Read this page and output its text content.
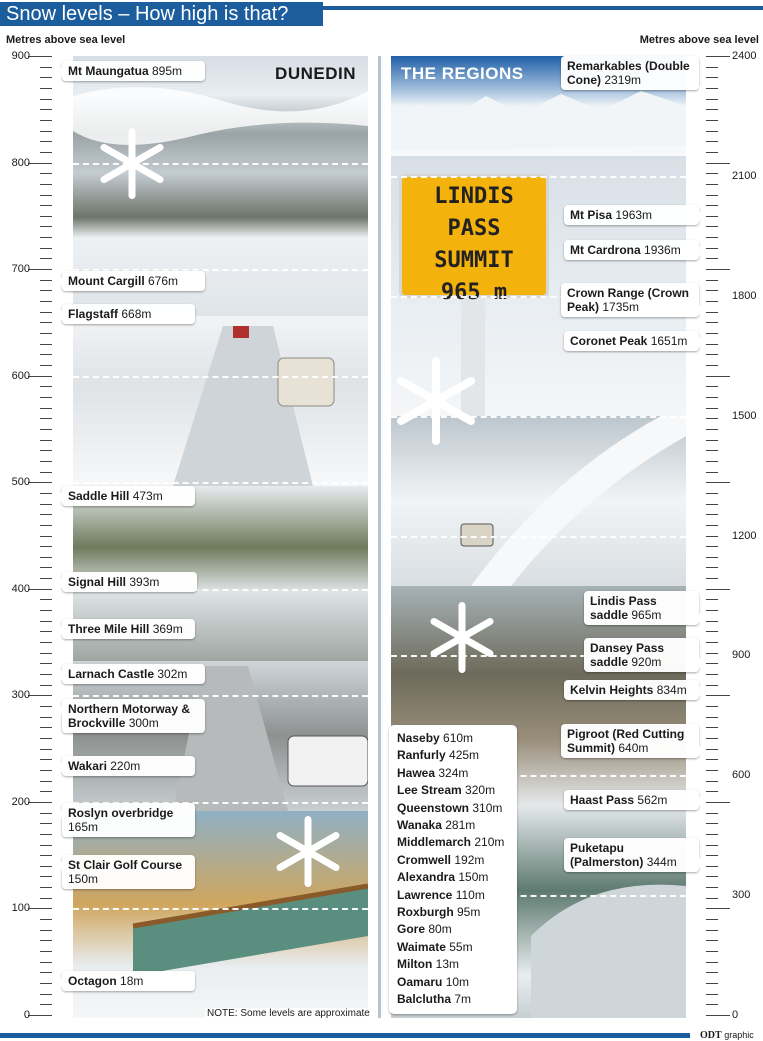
Snow levels – How high is that?
Metres above sea level	Metres above sea level
0
100
200
300
400
500
600
700
800
900
0
300
600
900
1200
1500
1800
2100
2400
DUNEDIN
LINDIS PASS
SUMMIT
965 m
THE REGIONS
Mt Maungatua 895m
Mount Cargill 676m
Flagstaff 668m
Saddle Hill 473m
Signal Hill 393m
Three Mile Hill 369m
Larnach Castle 302m
Northern Motorway & Brockville 300m
Wakari 220m
Roslyn overbridge 165m
St Clair Golf Course 150m
Octagon 18m
Remarkables (Double Cone) 2319m
Mt Pisa 1963m
Mt Cardrona 1936m
Crown Range (Crown Peak) 1735m
Coronet Peak 1651m
Lindis Pass saddle 965m
Dansey Pass saddle 920m
Kelvin Heights 834m
Pigroot (Red Cutting Summit) 640m
Haast Pass 562m
Puketapu (Palmerston) 344m
Naseby 610m
Ranfurly 425m
Hawea 324m
Lee Stream 320m
Queenstown 310m
Wanaka 281m
Middlemarch 210m
Cromwell 192m
Alexandra 150m
Lawrence 110m
Roxburgh 95m
Gore 80m
Waimate 55m
Milton 13m
Oamaru 10m
Balclutha 7m
NOTE: Some levels are approximate
ODT graphic
